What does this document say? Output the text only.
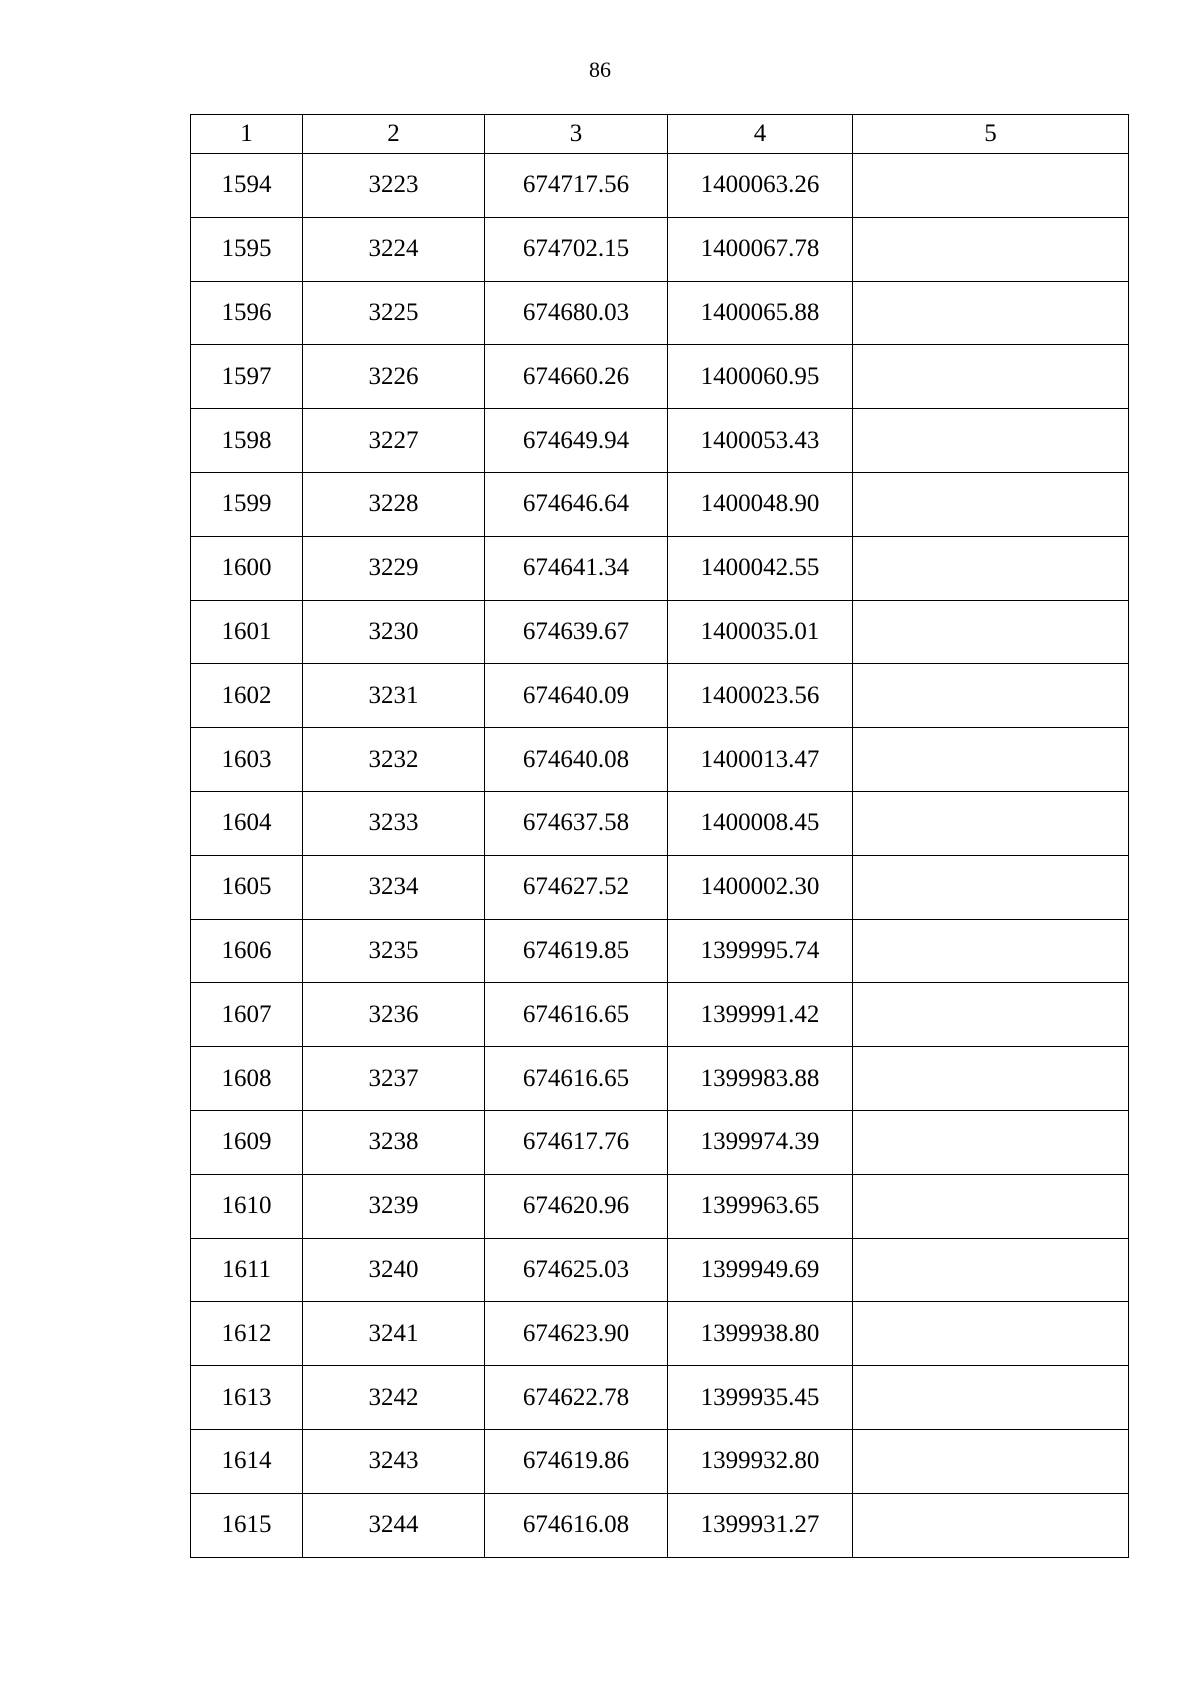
86
1	2	3	4	5
1594	3223	674717.56	1400063.26	
1595	3224	674702.15	1400067.78	
1596	3225	674680.03	1400065.88	
1597	3226	674660.26	1400060.95	
1598	3227	674649.94	1400053.43	
1599	3228	674646.64	1400048.90	
1600	3229	674641.34	1400042.55	
1601	3230	674639.67	1400035.01	
1602	3231	674640.09	1400023.56	
1603	3232	674640.08	1400013.47	
1604	3233	674637.58	1400008.45	
1605	3234	674627.52	1400002.30	
1606	3235	674619.85	1399995.74	
1607	3236	674616.65	1399991.42	
1608	3237	674616.65	1399983.88	
1609	3238	674617.76	1399974.39	
1610	3239	674620.96	1399963.65	
1611	3240	674625.03	1399949.69	
1612	3241	674623.90	1399938.80	
1613	3242	674622.78	1399935.45	
1614	3243	674619.86	1399932.80	
1615	3244	674616.08	1399931.27	
